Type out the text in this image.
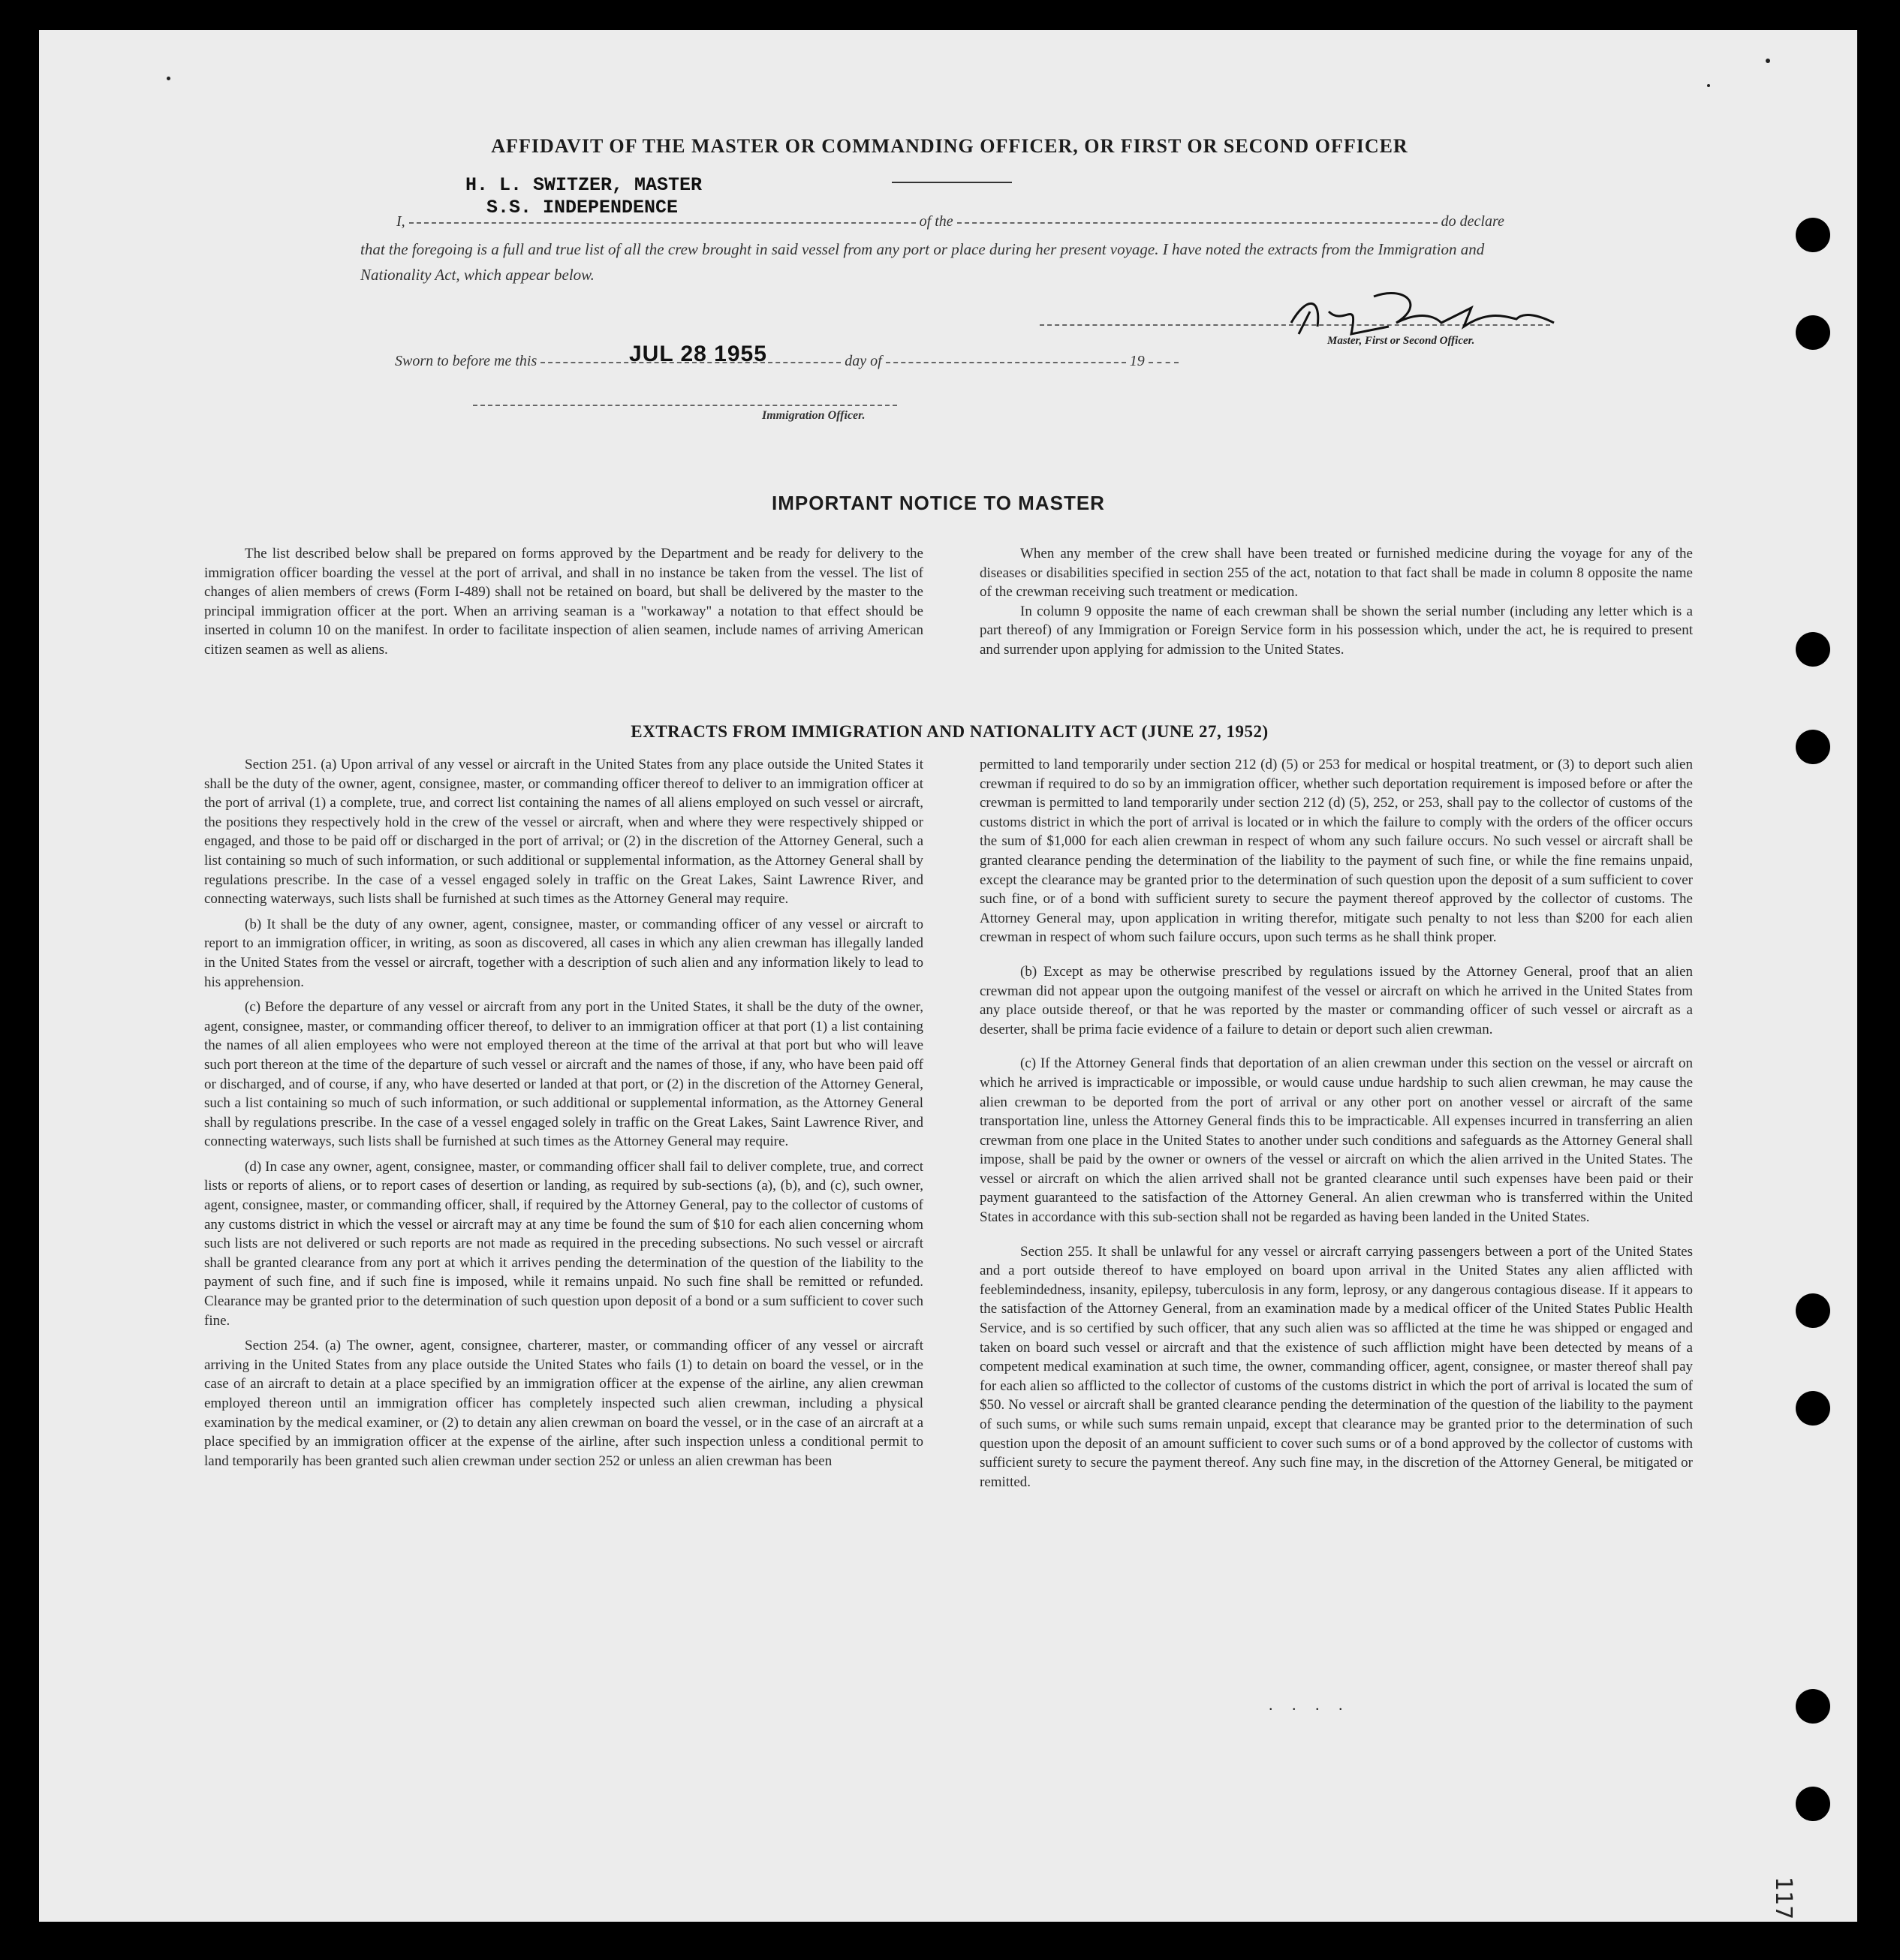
AFFIDAVIT OF THE MASTER OR COMMANDING OFFICER, OR FIRST OR SECOND OFFICER
H. L. SWITZER, MASTER
S.S. INDEPENDENCE
I,	of the	do declare
that the foregoing is a full and true list of all the crew brought in said vessel from any port or place during her present voyage. I have noted the extracts from the Immigration and Nationality Act, which appear below.
Master, First or Second Officer.
Sworn to before me this	day of	19
JUL 28 1955
Immigration Officer.
IMPORTANT NOTICE TO MASTER

The list described below shall be prepared on forms approved by the Department and be ready for delivery to the immigration officer boarding the vessel at the port of arrival, and shall in no instance be taken from the vessel. The list of changes of alien members of crews (Form I-489) shall not be retained on board, but shall be delivered by the master to the principal immigration officer at the port. When an arriving seaman is a "workaway" a notation to that effect should be inserted in column 10 on the manifest. In order to facilitate inspection of alien seamen, include names of arriving American citizen seamen as well as aliens.

When any member of the crew shall have been treated or furnished medicine during the voyage for any of the diseases or disabilities specified in section 255 of the act, notation to that fact shall be made in column 8 opposite the name of the crewman receiving such treatment or medication.

In column 9 opposite the name of each crewman shall be shown the serial number (including any letter which is a part thereof) of any Immigration or Foreign Service form in his possession which, under the act, he is required to present and surrender upon applying for admission to the United States.

EXTRACTS FROM IMMIGRATION AND NATIONALITY ACT (JUNE 27, 1952)

Section 251. (a) Upon arrival of any vessel or aircraft in the United States from any place outside the United States it shall be the duty of the owner, agent, consignee, master, or commanding officer thereof to deliver to an immigration officer at the port of arrival (1) a complete, true, and correct list containing the names of all aliens employed on such vessel or aircraft, the positions they respectively hold in the crew of the vessel or aircraft, when and where they were respectively shipped or engaged, and those to be paid off or discharged in the port of arrival; or (2) in the discretion of the Attorney General, such a list containing so much of such information, or such additional or supplemental information, as the Attorney General shall by regulations prescribe. In the case of a vessel engaged solely in traffic on the Great Lakes, Saint Lawrence River, and connecting waterways, such lists shall be furnished at such times as the Attorney General may require.

(b) It shall be the duty of any owner, agent, consignee, master, or commanding officer of any vessel or aircraft to report to an immigration officer, in writing, as soon as discovered, all cases in which any alien crewman has illegally landed in the United States from the vessel or aircraft, together with a description of such alien and any information likely to lead to his apprehension.

(c) Before the departure of any vessel or aircraft from any port in the United States, it shall be the duty of the owner, agent, consignee, master, or commanding officer thereof, to deliver to an immigration officer at that port (1) a list containing the names of all alien employees who were not employed thereon at the time of the arrival at that port but who will leave such port thereon at the time of the departure of such vessel or aircraft and the names of those, if any, who have been paid off or discharged, and of course, if any, who have deserted or landed at that port, or (2) in the discretion of the Attorney General, such a list containing so much of such information, or such additional or supplemental information, as the Attorney General shall by regulations prescribe. In the case of a vessel engaged solely in traffic on the Great Lakes, Saint Lawrence River, and connecting waterways, such lists shall be furnished at such times as the Attorney General may require.

(d) In case any owner, agent, consignee, master, or commanding officer shall fail to deliver complete, true, and correct lists or reports of aliens, or to report cases of desertion or landing, as required by sub-sections (a), (b), and (c), such owner, agent, consignee, master, or commanding officer, shall, if required by the Attorney General, pay to the collector of customs of any customs district in which the vessel or aircraft may at any time be found the sum of $10 for each alien concerning whom such lists are not delivered or such reports are not made as required in the preceding subsections. No such vessel or aircraft shall be granted clearance from any port at which it arrives pending the determination of the question of the liability to the payment of such fine, and if such fine is imposed, while it remains unpaid. No such fine shall be remitted or refunded. Clearance may be granted prior to the determination of such question upon deposit of a bond or a sum sufficient to cover such fine.

Section 254. (a) The owner, agent, consignee, charterer, master, or commanding officer of any vessel or aircraft arriving in the United States from any place outside the United States who fails (1) to detain on board the vessel, or in the case of an aircraft to detain at a place specified by an immigration officer at the expense of the airline, any alien crewman employed thereon until an immigration officer has completely inspected such alien crewman, including a physical examination by the medical examiner, or (2) to detain any alien crewman on board the vessel, or in the case of an aircraft at a place specified by an immigration officer at the expense of the airline, after such inspection unless a conditional permit to land temporarily has been granted such alien crewman under section 252 or unless an alien crewman has been

permitted to land temporarily under section 212 (d) (5) or 253 for medical or hospital treatment, or (3) to deport such alien crewman if required to do so by an immigration officer, whether such deportation requirement is imposed before or after the crewman is permitted to land temporarily under section 212 (d) (5), 252, or 253, shall pay to the collector of customs of the customs district in which the port of arrival is located or in which the failure to comply with the orders of the officer occurs the sum of $1,000 for each alien crewman in respect of whom any such failure occurs. No such vessel or aircraft shall be granted clearance pending the determination of the liability to the payment of such fine, or while the fine remains unpaid, except the clearance may be granted prior to the determination of such question upon the deposit of a sum sufficient to cover such fine, or of a bond with sufficient surety to secure the payment thereof approved by the collector of customs. The Attorney General may, upon application in writing therefor, mitigate such penalty to not less than $200 for each alien crewman in respect of whom such failure occurs, upon such terms as he shall think proper.

(b) Except as may be otherwise prescribed by regulations issued by the Attorney General, proof that an alien crewman did not appear upon the outgoing manifest of the vessel or aircraft on which he arrived in the United States from any place outside thereof, or that he was reported by the master or commanding officer of such vessel or aircraft as a deserter, shall be prima facie evidence of a failure to detain or deport such alien crewman.

(c) If the Attorney General finds that deportation of an alien crewman under this section on the vessel or aircraft on which he arrived is impracticable or impossible, or would cause undue hardship to such alien crewman, he may cause the alien crewman to be deported from the port of arrival or any other port on another vessel or aircraft of the same transportation line, unless the Attorney General finds this to be impracticable. All expenses incurred in transferring an alien crewman from one place in the United States to another under such conditions and safeguards as the Attorney General shall impose, shall be paid by the owner or owners of the vessel or aircraft on which the alien arrived in the United States. The vessel or aircraft on which the alien arrived shall not be granted clearance until such expenses have been paid or their payment guaranteed to the satisfaction of the Attorney General. An alien crewman who is transferred within the United States in accordance with this sub-section shall not be regarded as having been landed in the United States.

Section 255. It shall be unlawful for any vessel or aircraft carrying passengers between a port of the United States and a port outside thereof to have employed on board upon arrival in the United States any alien afflicted with feeblemindedness, insanity, epilepsy, tuberculosis in any form, leprosy, or any dangerous contagious disease. If it appears to the satisfaction of the Attorney General, from an examination made by a medical officer of the United States Public Health Service, and is so certified by such officer, that any such alien was so afflicted at the time he was shipped or engaged and taken on board such vessel or aircraft and that the existence of such affliction might have been detected by means of a competent medical examination at such time, the owner, commanding officer, agent, consignee, or master thereof shall pay for each alien so afflicted to the collector of customs of the customs district in which the port of arrival is located the sum of $50. No vessel or aircraft shall be granted clearance pending the determination of the question of the liability to the payment of such sums, or while such sums remain unpaid, except that clearance may be granted prior to the determination of such question upon the deposit of an amount sufficient to cover such sums or of a bond approved by the collector of customs with sufficient surety to secure the payment thereof. Any such fine may, in the discretion of the Attorney General, be mitigated or remitted.

. . . .
117
